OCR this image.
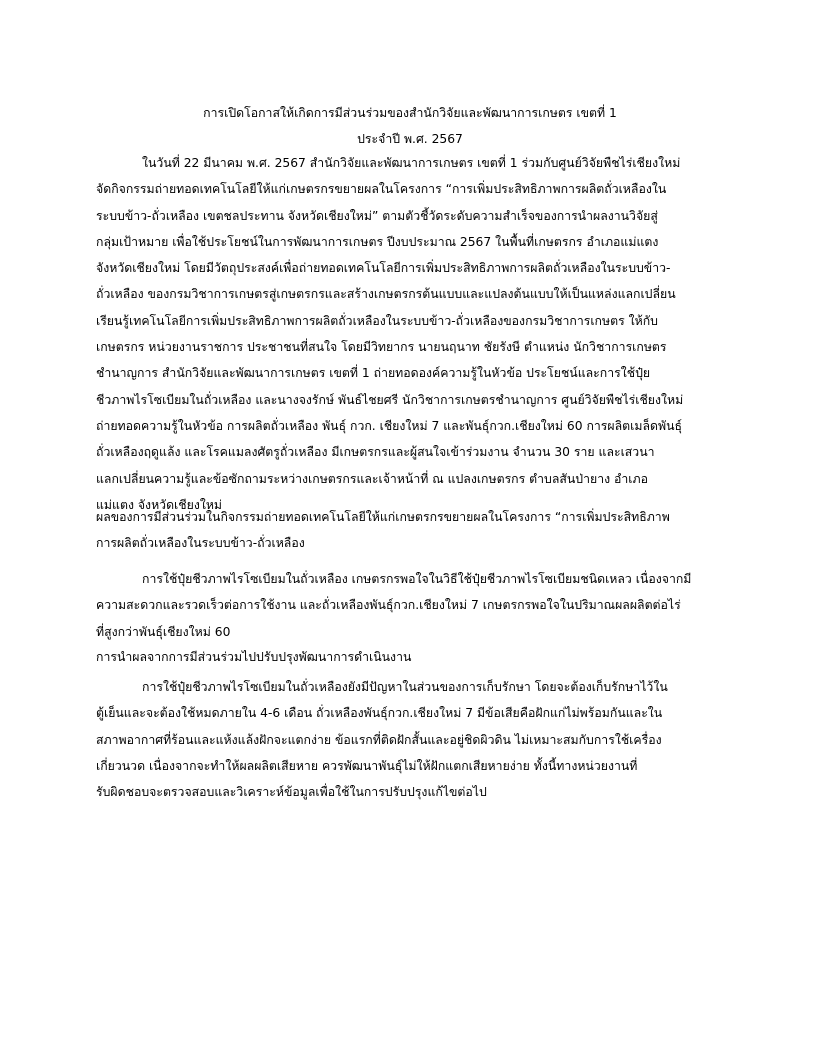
การเปิดโอกาสให้เกิดการมีส่วนร่วมของสำนักวิจัยและพัฒนาการเกษตร เขตที่ 1
ประจำปี พ.ศ. 2567
ในวันที่ 22 มีนาคม พ.ศ. 2567 สำนักวิจัยและพัฒนาการเกษตร เขตที่ 1 ร่วมกับศูนย์วิจัยพืชไร่เชียงใหม่
จัดกิจกรรมถ่ายทอดเทคโนโลยีให้แก่เกษตรกรขยายผลในโครงการ “การเพิ่มประสิทธิภาพการผลิตถั่วเหลืองใน
ระบบข้าว-ถั่วเหลือง เขตชลประทาน จังหวัดเชียงใหม่” ตามตัวชี้วัดระดับความสำเร็จของการนำผลงานวิจัยสู่
กลุ่มเป้าหมาย เพื่อใช้ประโยชน์ในการพัฒนาการเกษตร ปีงบประมาณ 2567 ในพื้นที่เกษตรกร อำเภอแม่แตง
จังหวัดเชียงใหม่ โดยมีวัตถุประสงค์เพื่อถ่ายทอดเทคโนโลยีการเพิ่มประสิทธิภาพการผลิตถั่วเหลืองในระบบข้าว-
ถั่วเหลือง ของกรมวิชาการเกษตรสู่เกษตรกรและสร้างเกษตรกรต้นแบบและแปลงต้นแบบให้เป็นแหล่งแลกเปลี่ยน
เรียนรู้เทคโนโลยีการเพิ่มประสิทธิภาพการผลิตถั่วเหลืองในระบบข้าว-ถั่วเหลืองของกรมวิชาการเกษตร ให้กับ
เกษตรกร หน่วยงานราชการ ประชาชนที่สนใจ โดยมีวิทยากร นายนฤนาท ชัยรังษี ตำแหน่ง นักวิชาการเกษตร
ชำนาญการ สำนักวิจัยและพัฒนาการเกษตร เขตที่ 1 ถ่ายทอดองค์ความรู้ในหัวข้อ ประโยชน์และการใช้ปุ๋ย
ชีวภาพไรโซเบียมในถั่วเหลือง และนางจงรักษ์ พันธ์ไชยศรี นักวิชาการเกษตรชำนาญการ ศูนย์วิจัยพืชไร่เชียงใหม่
ถ่ายทอดความรู้ในหัวข้อ การผลิตถั่วเหลือง พันธุ์ กวก. เชียงใหม่ 7 และพันธุ์กวก.เชียงใหม่ 60 การผลิตเมล็ดพันธุ์
ถั่วเหลืองฤดูแล้ง และโรคแมลงศัตรูถั่วเหลือง มีเกษตรกรและผู้สนใจเข้าร่วมงาน จำนวน 30 ราย และเสวนา
แลกเปลี่ยนความรู้และข้อซักถามระหว่างเกษตรกรและเจ้าหน้าที่ ณ แปลงเกษตรกร ตำบลสันป่ายาง อำเภอ
แม่แตง จังหวัดเชียงใหม่
ผลของการมีส่วนร่วมในกิจกรรมถ่ายทอดเทคโนโลยีให้แก่เกษตรกรขยายผลในโครงการ “การเพิ่มประสิทธิภาพ
การผลิตถั่วเหลืองในระบบข้าว-ถั่วเหลือง
การใช้ปุ๋ยชีวภาพไรโซเบียมในถั่วเหลือง เกษตรกรพอใจในวิธีใช้ปุ๋ยชีวภาพไรโซเบียมชนิดเหลว เนื่องจากมี
ความสะดวกและรวดเร็วต่อการใช้งาน และถั่วเหลืองพันธุ์กวก.เชียงใหม่ 7 เกษตรกรพอใจในปริมาณผลผลิตต่อไร่
ที่สูงกว่าพันธุ์เชียงใหม่ 60
การนำผลจากการมีส่วนร่วมไปปรับปรุงพัฒนาการดำเนินงาน
การใช้ปุ๋ยชีวภาพไรโซเบียมในถั่วเหลืองยังมีปัญหาในส่วนของการเก็บรักษา โดยจะต้องเก็บรักษาไว้ใน
ตู้เย็นและจะต้องใช้หมดภายใน 4-6 เดือน ถั่วเหลืองพันธุ์กวก.เชียงใหม่ 7 มีข้อเสียคือฝักแก่ไม่พร้อมกันและใน
สภาพอากาศที่ร้อนและแห้งแล้งฝักจะแตกง่าย ข้อแรกที่ติดฝักสั้นและอยู่ชิดผิวดิน ไม่เหมาะสมกับการใช้เครื่อง
เกี่ยวนวด เนื่องจากจะทำให้ผลผลิตเสียหาย ควรพัฒนาพันธุ์ไม่ให้ฝักแตกเสียหายง่าย ทั้งนี้ทางหน่วยงานที่
รับผิดชอบจะตรวจสอบและวิเคราะห์ข้อมูลเพื่อใช้ในการปรับปรุงแก้ไขต่อไป
